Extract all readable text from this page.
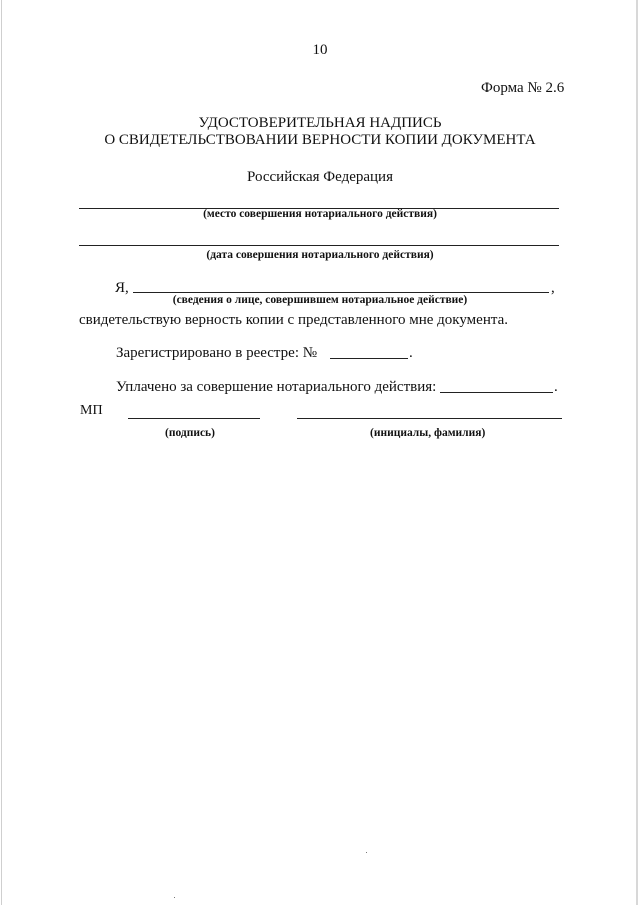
10
Форма № 2.6
УДОСТОВЕРИТЕЛЬНАЯ НАДПИСЬ
О СВИДЕТЕЛЬСТВОВАНИИ ВЕРНОСТИ КОПИИ ДОКУМЕНТА
Российская Федерация
(место совершения нотариального действия)
(дата совершения нотариального действия)
Я,	,
(сведения о лице, совершившем нотариальное действие)
свидетельствую верность копии с представленного мне документа.
Зарегистрировано в реестре: №	.
Уплачено за совершение нотариального действия:	.
МП
(подпись)	(инициалы, фамилия)
